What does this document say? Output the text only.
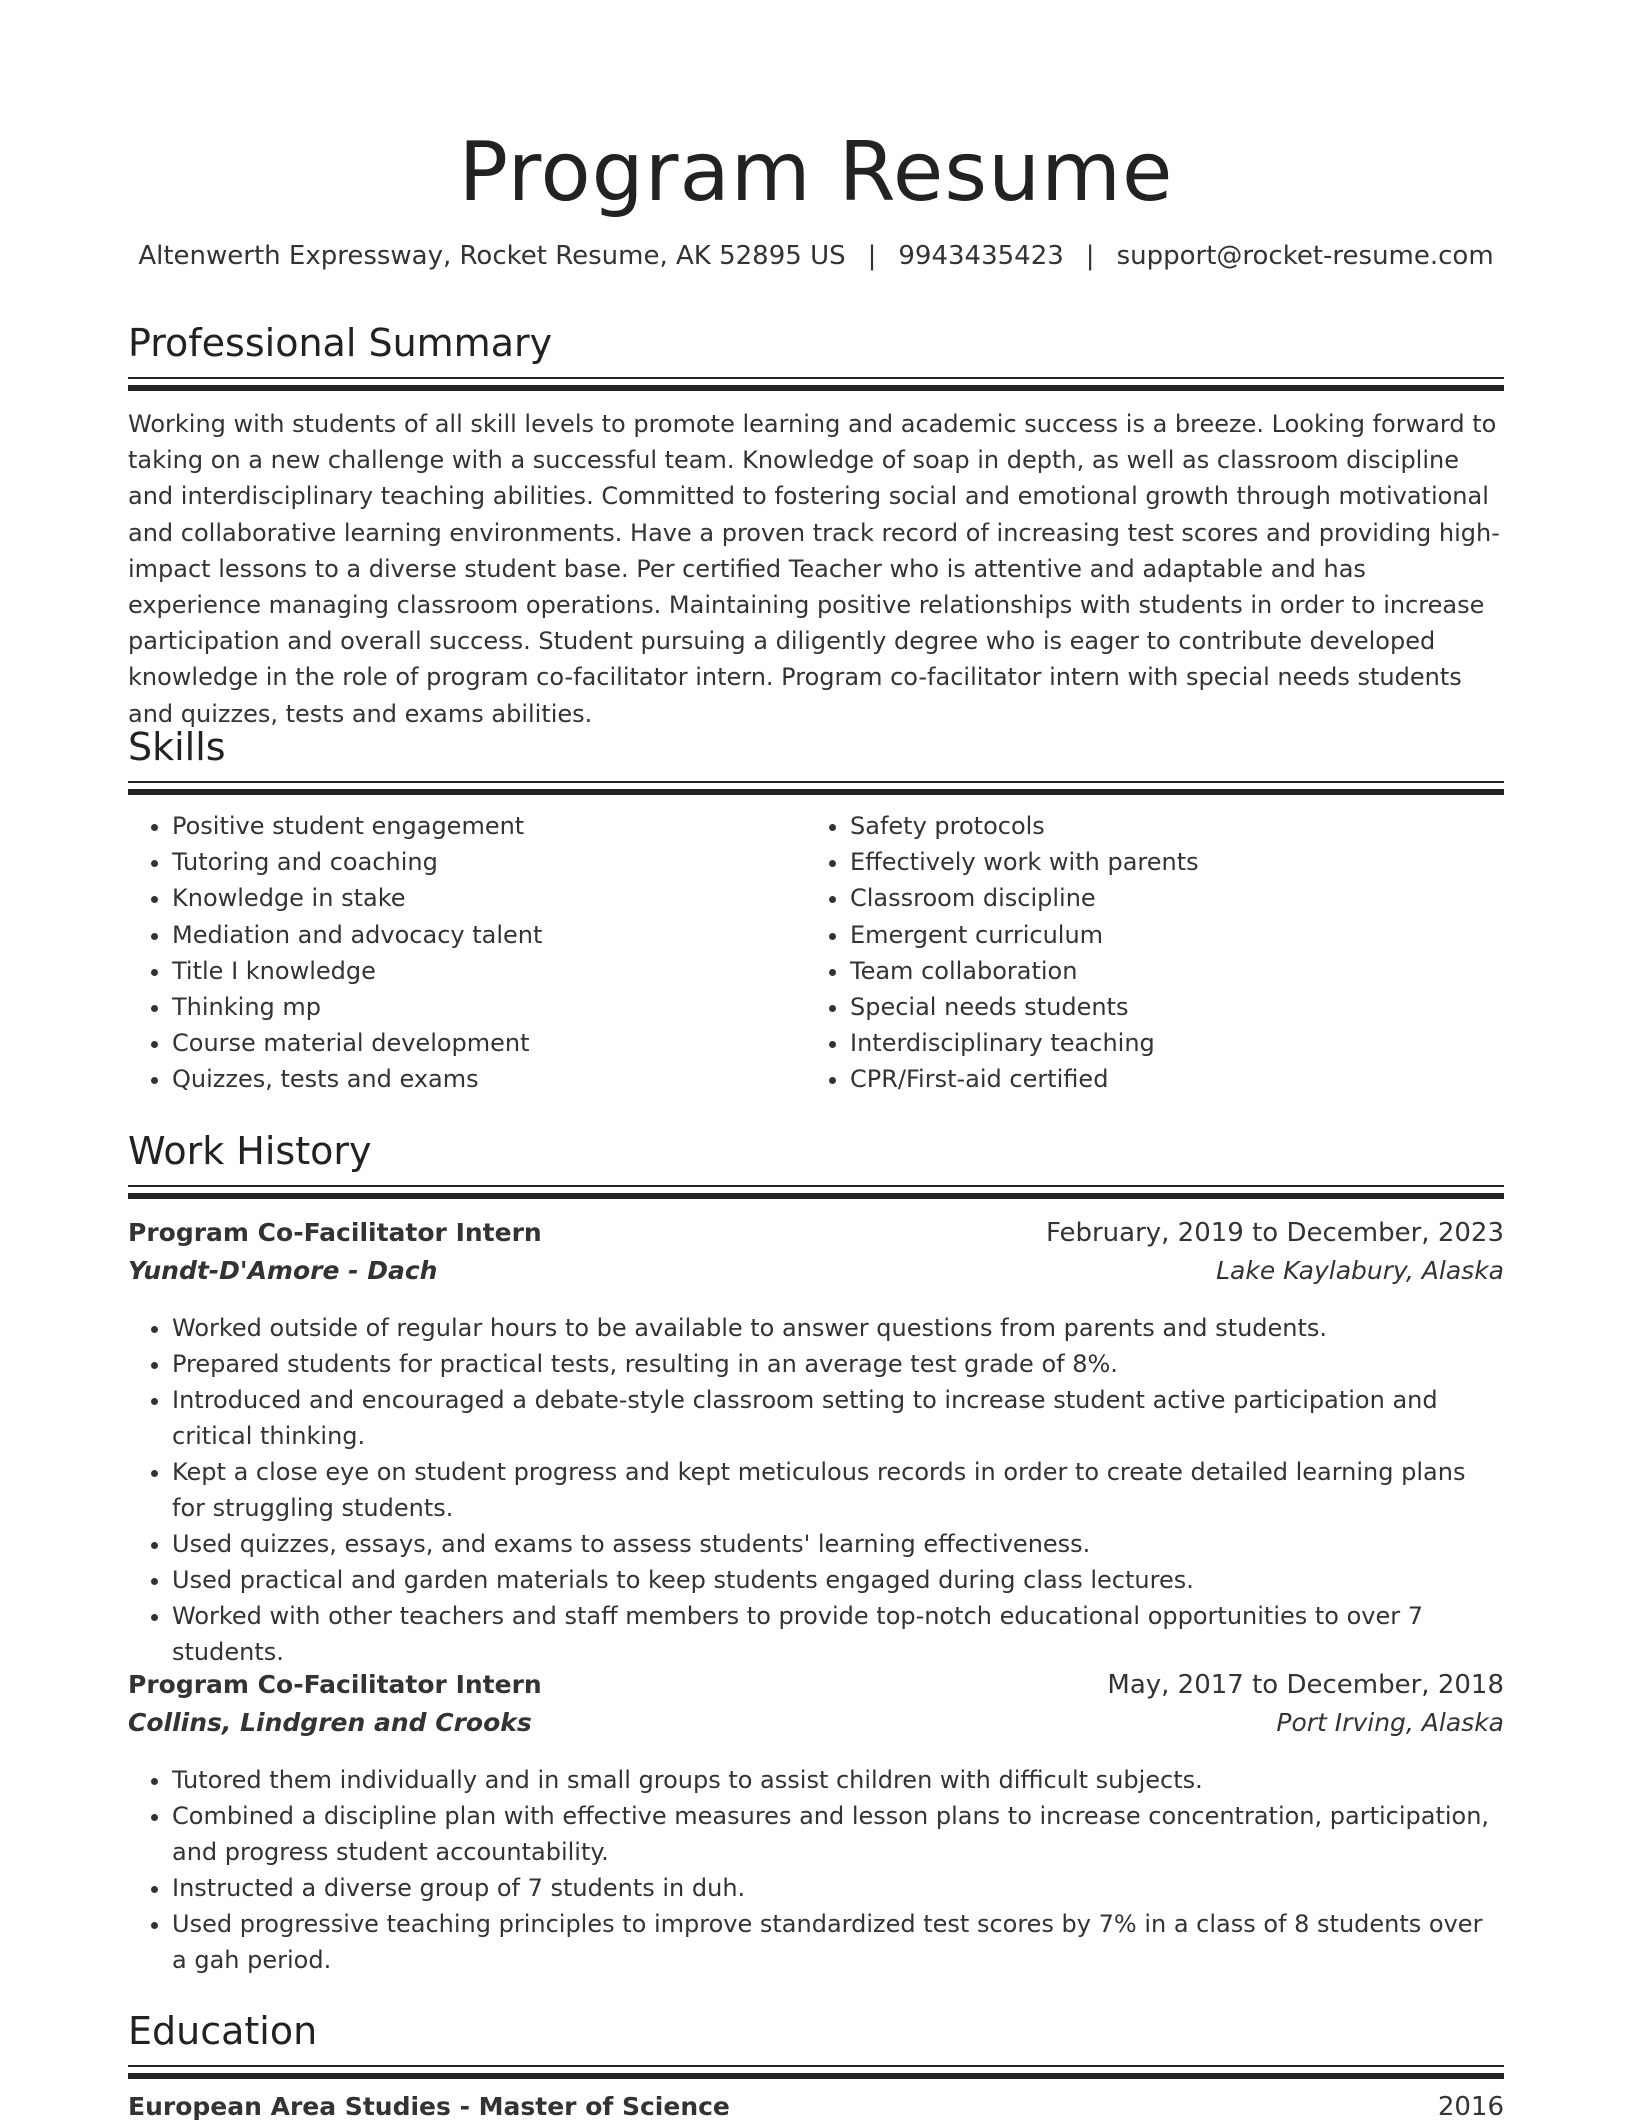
Program Resume
Altenwerth Expressway, Rocket Resume, AK 52895 US | 9943435423 | support@rocket-resume.com
Professional Summary

Working with students of all skill levels to promote learning and academic success is a breeze. Looking forward to taking on a new challenge with a successful team. Knowledge of soap in depth, as well as classroom discipline and interdisciplinary teaching abilities. Committed to fostering social and emotional growth through motivational and collaborative learning environments. Have a proven track record of increasing test scores and providing high-impact lessons to a diverse student base. Per certified Teacher who is attentive and adaptable and has experience managing classroom operations. Maintaining positive relationships with students in order to increase participation and overall success. Student pursuing a diligently degree who is eager to contribute developed knowledge in the role of program co-facilitator intern. Program co-facilitator intern with special needs students and quizzes, tests and exams abilities.

Skills
• Positive student engagement
• Tutoring and coaching
• Knowledge in stake
• Mediation and advocacy talent
• Title I knowledge
• Thinking mp
• Course material development
• Quizzes, tests and exams
• Safety protocols
• Effectively work with parents
• Classroom discipline
• Emergent curriculum
• Team collaboration
• Special needs students
• Interdisciplinary teaching
• CPR/First-aid certified
Work History
Program Co-Facilitator Intern	February, 2019 to December, 2023
Yundt-D'Amore - Dach	Lake Kaylabury, Alaska
• Worked outside of regular hours to be available to answer questions from parents and students.
• Prepared students for practical tests, resulting in an average test grade of 8%.
• Introduced and encouraged a debate-style classroom setting to increase student active participation and critical thinking.
• Kept a close eye on student progress and kept meticulous records in order to create detailed learning plans for struggling students.
• Used quizzes, essays, and exams to assess students' learning effectiveness.
• Used practical and garden materials to keep students engaged during class lectures.
• Worked with other teachers and staff members to provide top-notch educational opportunities to over 7 students.
Program Co-Facilitator Intern	May, 2017 to December, 2018
Collins, Lindgren and Crooks	Port Irving, Alaska
• Tutored them individually and in small groups to assist children with difficult subjects.
• Combined a discipline plan with effective measures and lesson plans to increase concentration, participation, and progress student accountability.
• Instructed a diverse group of 7 students in duh.
• Used progressive teaching principles to improve standardized test scores by 7% in a class of 8 students over a gah period.
Education
European Area Studies - Master of Science	2016
